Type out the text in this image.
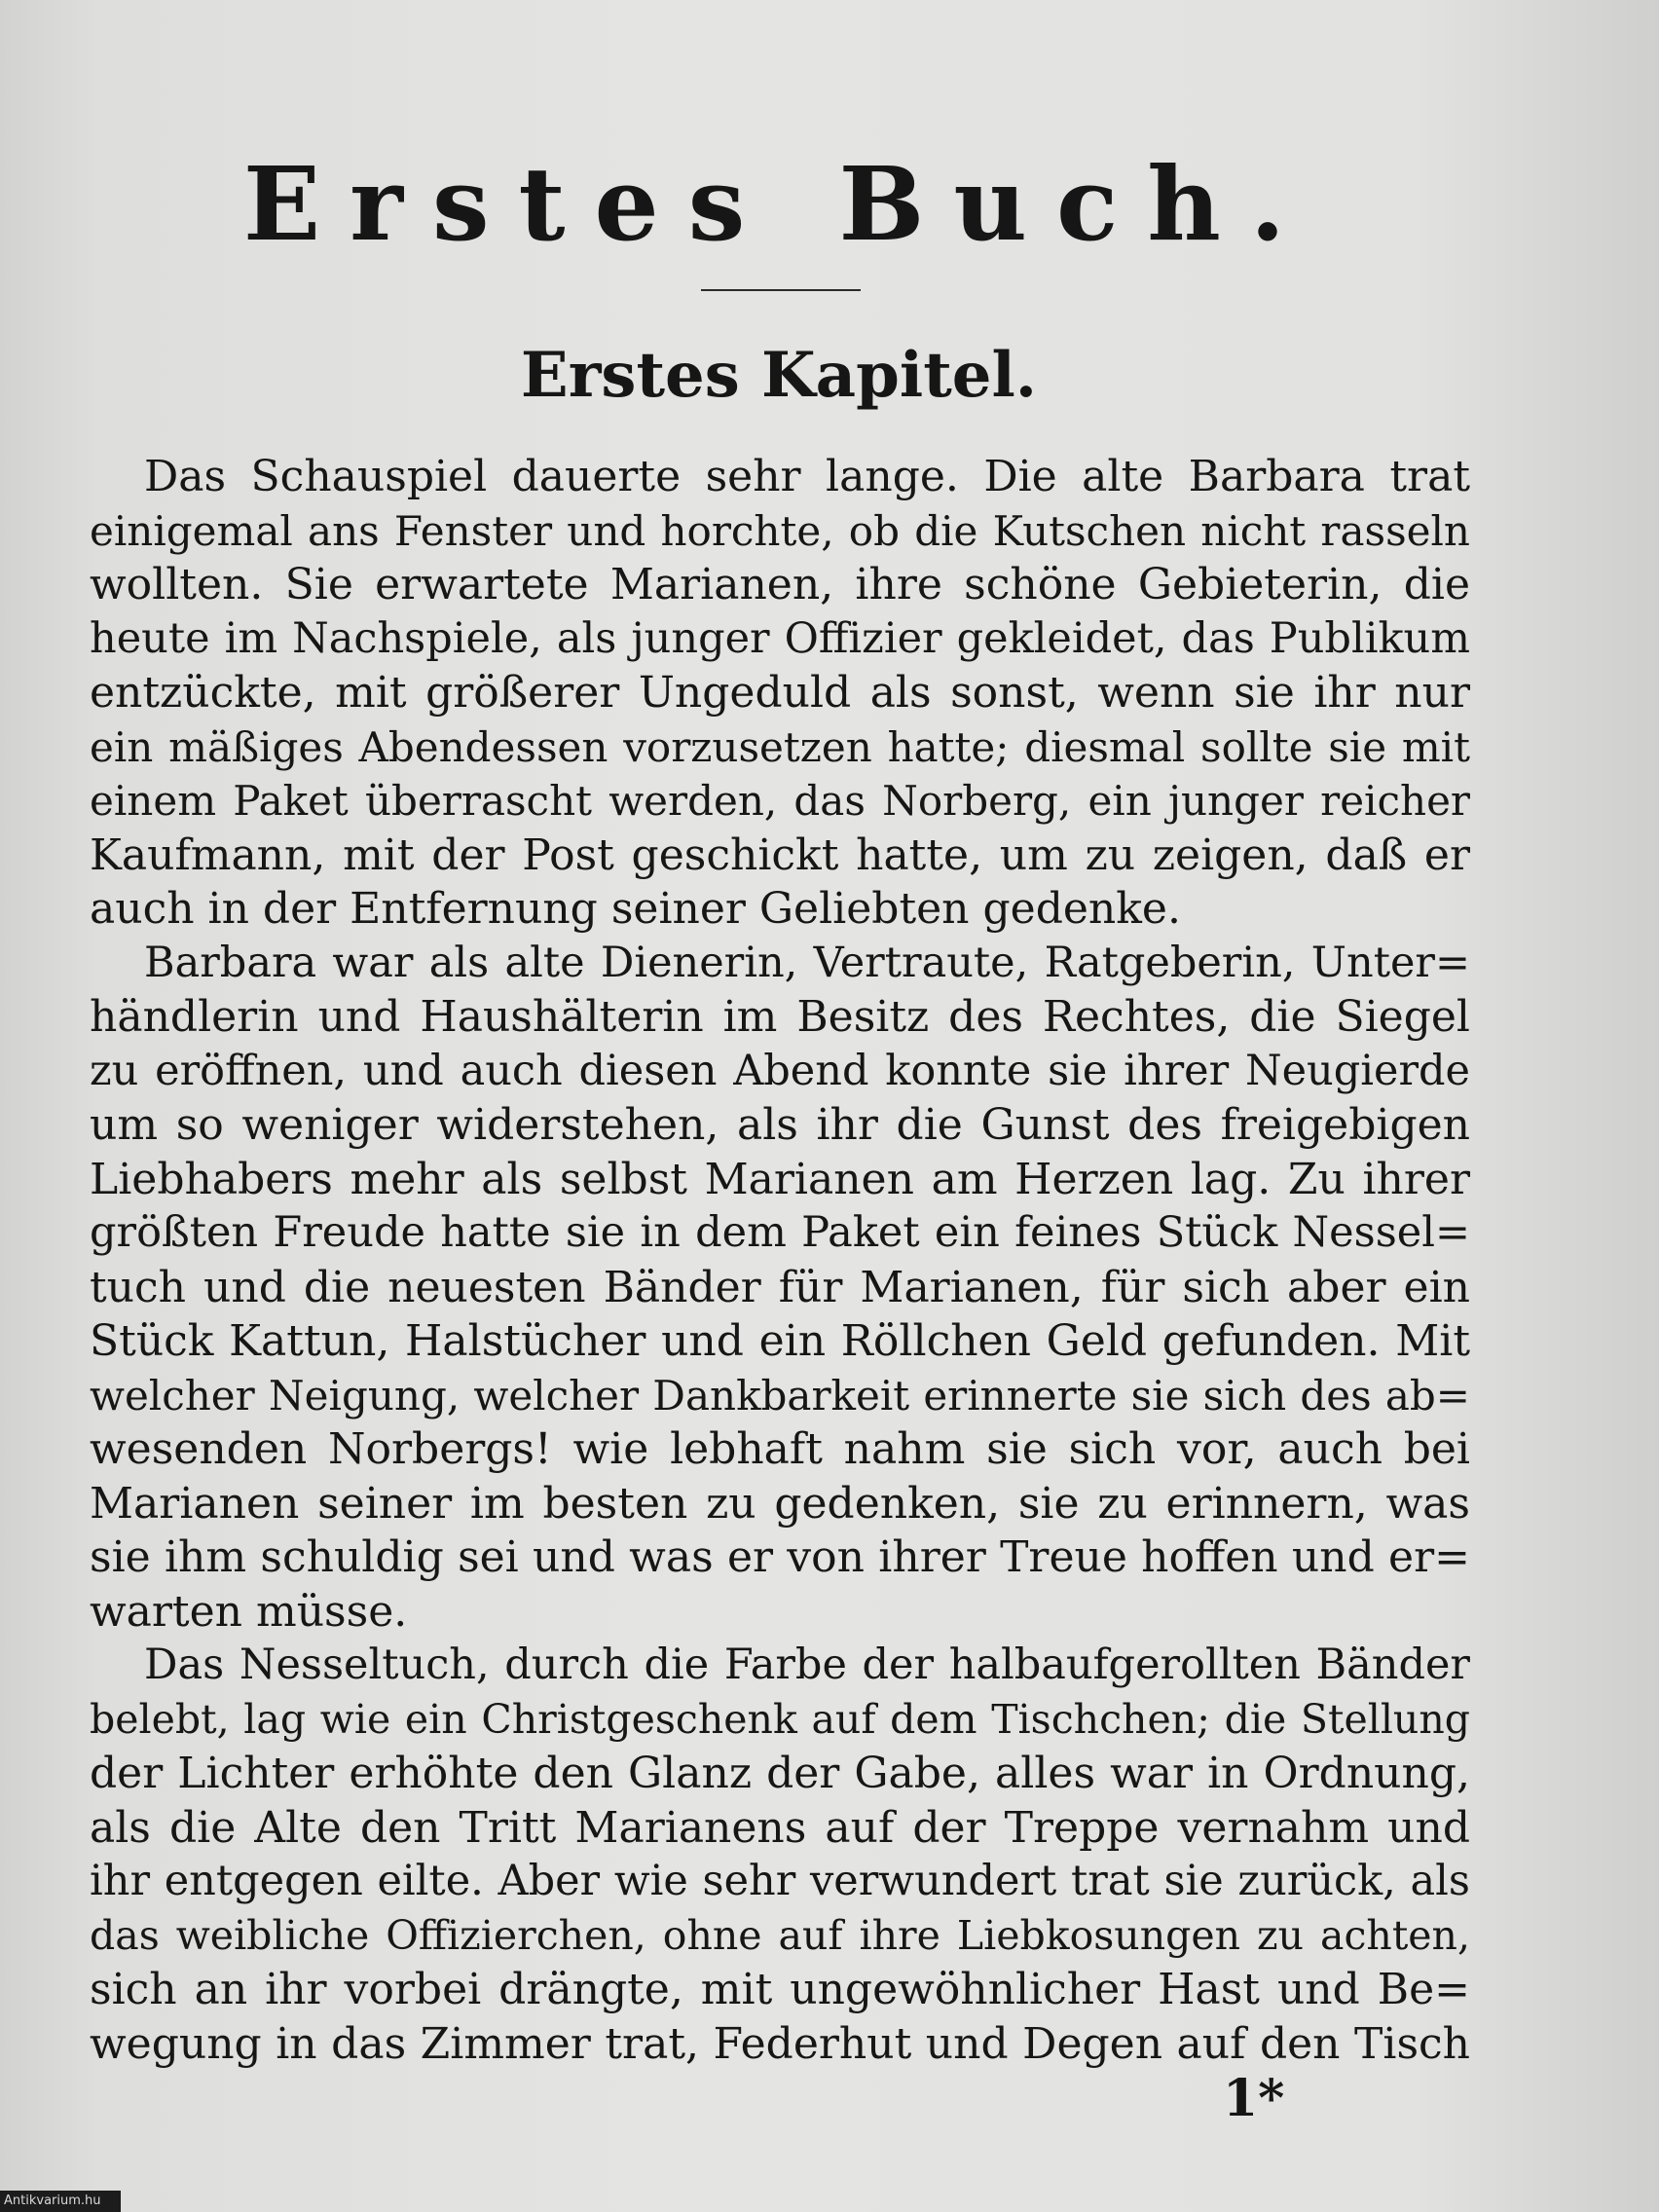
Erstes Buch.
Erstes Kapitel.

Das Schauspiel dauerte sehr lange. Die alte Barbara trat
einigemal ans Fenster und horchte, ob die Kutschen nicht rasseln
wollten. Sie erwartete Marianen, ihre schöne Gebieterin, die
heute im Nachspiele, als junger Offizier gekleidet, das Publikum
entzückte, mit größerer Ungeduld als sonst, wenn sie ihr nur
ein mäßiges Abendessen vorzusetzen hatte; diesmal sollte sie mit
einem Paket überrascht werden, das Norberg, ein junger reicher
Kaufmann, mit der Post geschickt hatte, um zu zeigen, daß er
auch in der Entfernung seiner Geliebten gedenke.

Barbara war als alte Dienerin, Vertraute, Ratgeberin, Unter=
händlerin und Haushälterin im Besitz des Rechtes, die Siegel
zu eröffnen, und auch diesen Abend konnte sie ihrer Neugierde
um so weniger widerstehen, als ihr die Gunst des freigebigen
Liebhabers mehr als selbst Marianen am Herzen lag. Zu ihrer
größten Freude hatte sie in dem Paket ein feines Stück Nessel=
tuch und die neuesten Bänder für Marianen, für sich aber ein
Stück Kattun, Halstücher und ein Röllchen Geld gefunden. Mit
welcher Neigung, welcher Dankbarkeit erinnerte sie sich des ab=
wesenden Norbergs! wie lebhaft nahm sie sich vor, auch bei
Marianen seiner im besten zu gedenken, sie zu erinnern, was
sie ihm schuldig sei und was er von ihrer Treue hoffen und er=
warten müsse.

Das Nesseltuch, durch die Farbe der halbaufgerollten Bänder
belebt, lag wie ein Christgeschenk auf dem Tischchen; die Stellung
der Lichter erhöhte den Glanz der Gabe, alles war in Ordnung,
als die Alte den Tritt Marianens auf der Treppe vernahm und
ihr entgegen eilte. Aber wie sehr verwundert trat sie zurück, als
das weibliche Offizierchen, ohne auf ihre Liebkosungen zu achten,
sich an ihr vorbei drängte, mit ungewöhnlicher Hast und Be=
wegung in das Zimmer trat, Federhut und Degen auf den Tisch

1*
Antikvarium.hu
